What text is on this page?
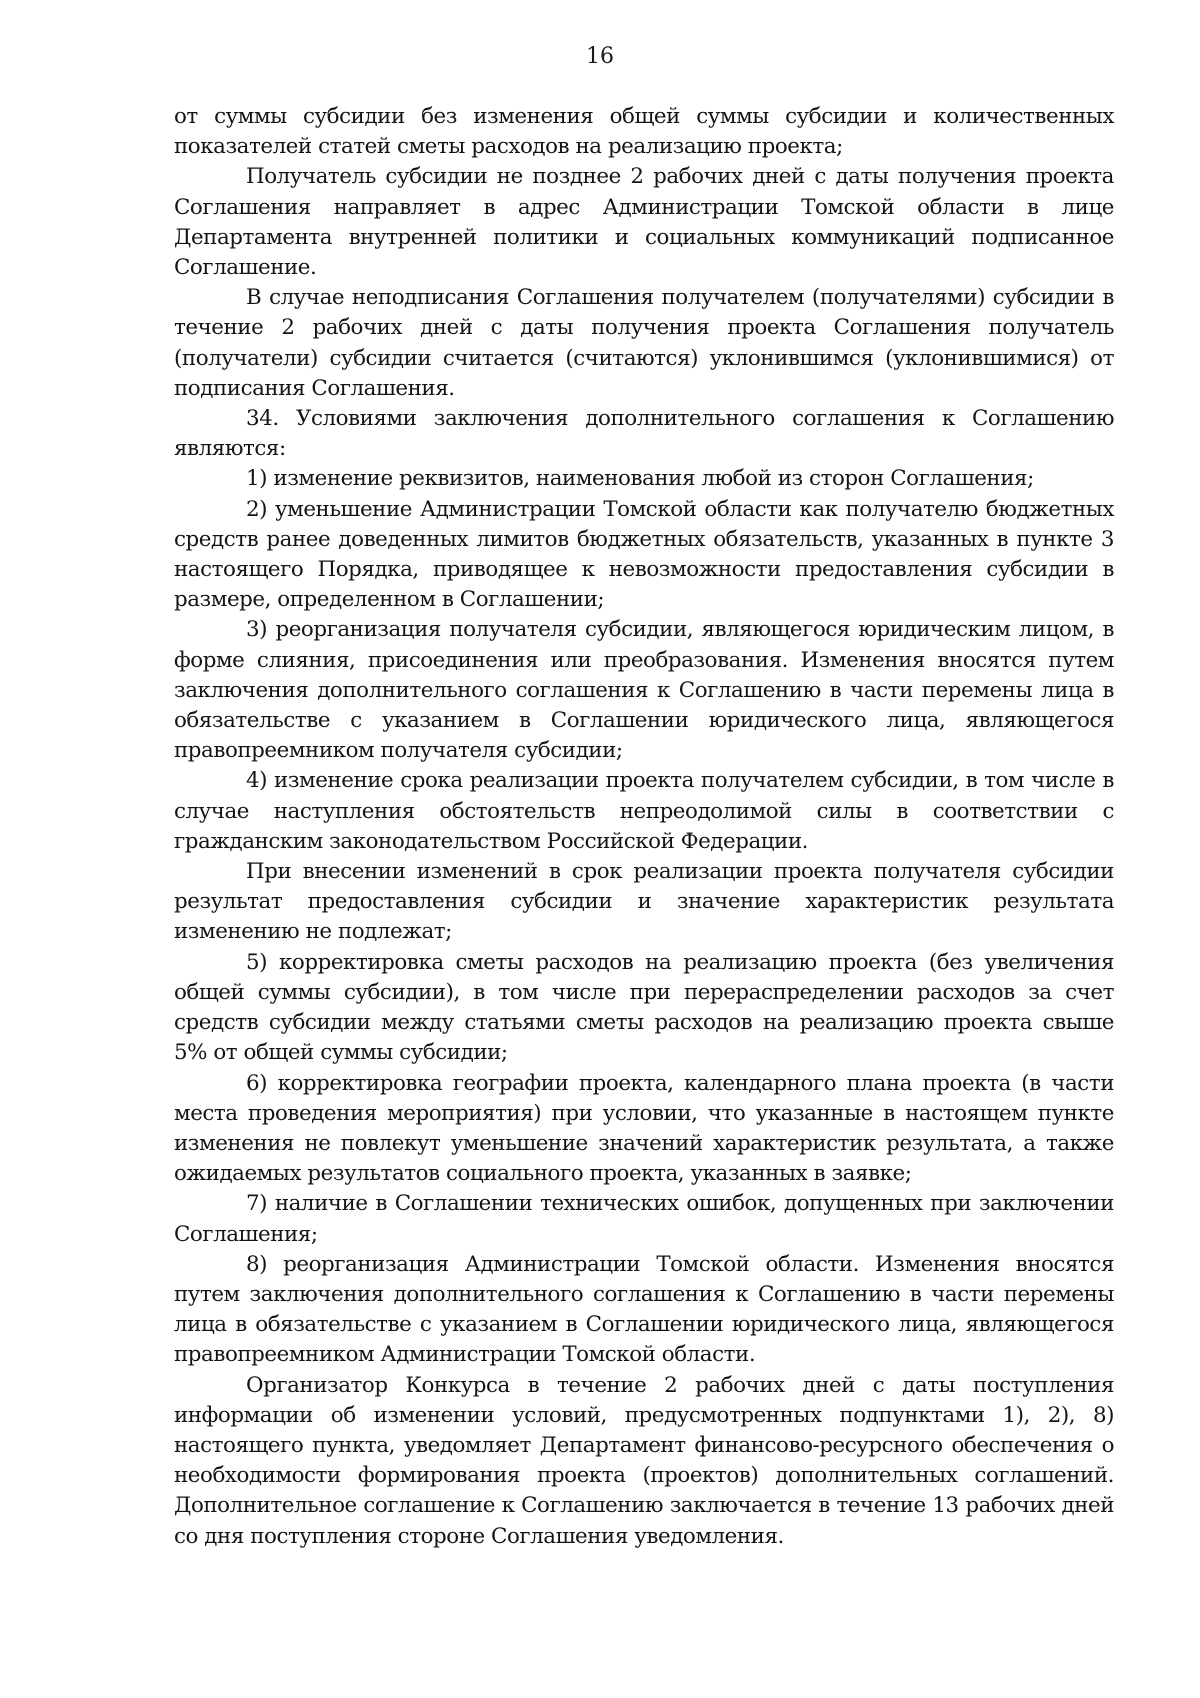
16

от суммы субсидии без изменения общей суммы субсидии и количественных показателей статей сметы расходов на реализацию проекта;

Получатель субсидии не позднее 2 рабочих дней с даты получения проекта Соглашения направляет в адрес Администрации Томской области в лице Департамента внутренней политики и социальных коммуникаций подписанное Соглашение.

В случае неподписания Соглашения получателем (получателями) субсидии в течение 2 рабочих дней с даты получения проекта Соглашения получатель (получатели) субсидии считается (считаются) уклонившимся (уклонившимися) от подписания Соглашения.

34. Условиями заключения дополнительного соглашения к Соглашению являются:

1) изменение реквизитов, наименования любой из сторон Соглашения;

2) уменьшение Администрации Томской области как получателю бюджетных средств ранее доведенных лимитов бюджетных обязательств, указанных в пункте 3 настоящего Порядка, приводящее к невозможности предоставления субсидии в размере, определенном в Соглашении;

3) реорганизация получателя субсидии, являющегося юридическим лицом, в форме слияния, присоединения или преобразования. Изменения вносятся путем заключения дополнительного соглашения к Соглашению в части перемены лица в обязательстве с указанием в Соглашении юридического лица, являющегося правопреемником получателя субсидии;

4) изменение срока реализации проекта получателем субсидии, в том числе в случае наступления обстоятельств непреодолимой силы в соответствии с гражданским законодательством Российской Федерации.

При внесении изменений в срок реализации проекта получателя субсидии результат предоставления субсидии и значение характеристик результата изменению не подлежат;

5) корректировка сметы расходов на реализацию проекта (без увеличения общей суммы субсидии), в том числе при перераспределении расходов за счет средств субсидии между статьями сметы расходов на реализацию проекта свыше 5% от общей суммы субсидии;

6) корректировка географии проекта, календарного плана проекта (в части места проведения мероприятия) при условии, что указанные в настоящем пункте изменения не повлекут уменьшение значений характеристик результата, а также ожидаемых результатов социального проекта, указанных в заявке;

7) наличие в Соглашении технических ошибок, допущенных при заключении Соглашения;

8) реорганизация Администрации Томской области. Изменения вносятся путем заключения дополнительного соглашения к Соглашению в части перемены лица в обязательстве с указанием в Соглашении юридического лица, являющегося правопреемником Администрации Томской области.

Организатор Конкурса в течение 2 рабочих дней с даты поступления информации об изменении условий, предусмотренных подпунктами 1), 2), 8) настоящего пункта, уведомляет Департамент финансово-ресурсного обеспечения о необходимости формирования проекта (проектов) дополнительных соглашений. Дополнительное соглашение к Соглашению заключается в течение 13 рабочих дней со дня поступления стороне Соглашения уведомления.
